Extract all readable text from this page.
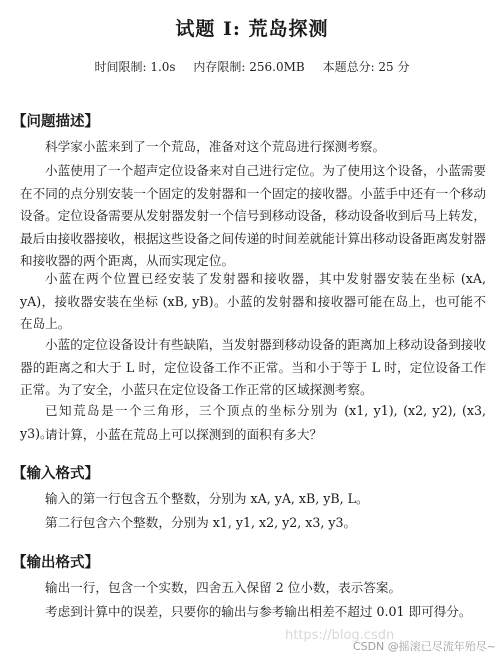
试题 I: 荒岛探测
时间限制: 1.0s 内存限制: 256.0MB 本题总分: 25 分
【问题描述】
科学家小蓝来到了一个荒岛，准备对这个荒岛进行探测考察。
小蓝使用了一个超声定位设备来对自己进行定位。为了使用这个设备，小蓝需要在不同的点分别安装一个固定的发射器和一个固定的接收器。小蓝手中还有一个移动设备。定位设备需要从发射器发射一个信号到移动设备，移动设备收到后马上转发，最后由接收器接收，根据这些设备之间传递的时间差就能计算出移动设备距离发射器和接收器的两个距离，从而实现定位。
小蓝在两个位置已经安装了发射器和接收器，其中发射器安装在坐标 (xA, yA)，接收器安装在坐标 (xB, yB)。小蓝的发射器和接收器可能在岛上，也可能不在岛上。
小蓝的定位设备设计有些缺陷，当发射器到移动设备的距离加上移动设备到接收器的距离之和大于 L 时，定位设备工作不正常。当和小于等于 L 时，定位设备工作正常。为了安全，小蓝只在定位设备工作正常的区域探测考察。
已知荒岛是一个三角形，三个顶点的坐标分别为 (x1, y1), (x2, y2), (x3, y3)。
请计算，小蓝在荒岛上可以探测到的面积有多大？
【输入格式】
输入的第一行包含五个整数，分别为 xA, yA, xB, yB, L。
第二行包含六个整数，分别为 x1, y1, x2, y2, x3, y3。
【输出格式】
输出一行，包含一个实数，四舍五入保留 2 位小数，表示答案。
考虑到计算中的误差，只要你的输出与参考输出相差不超过 0.01 即可得分。
https://blog.csdn
CSDN @摇滚已尽流年殆尽~
